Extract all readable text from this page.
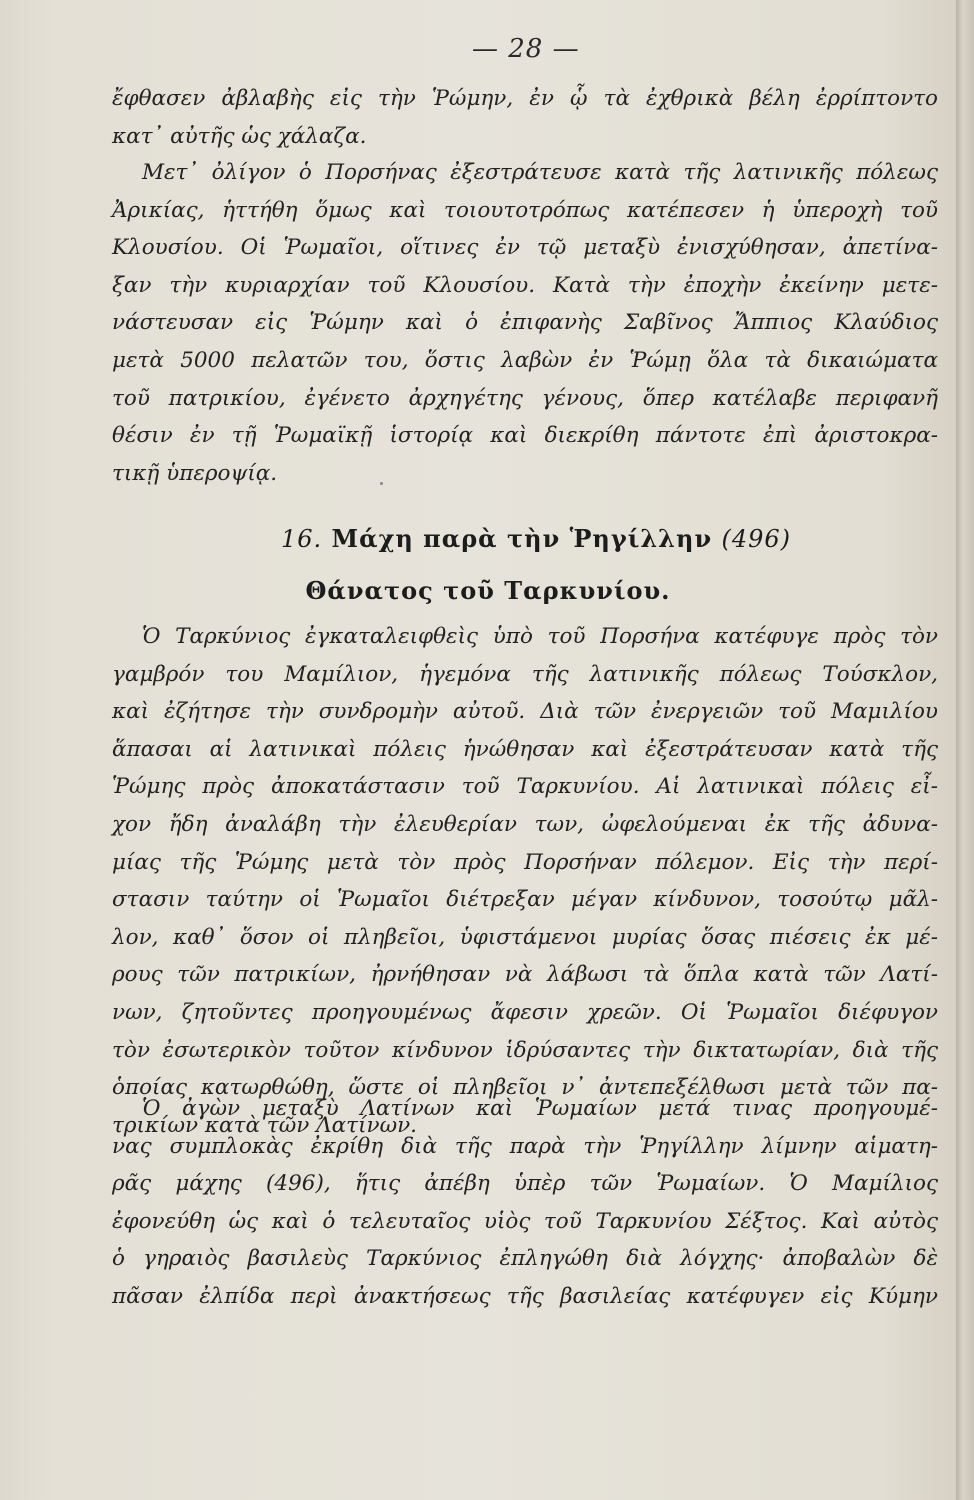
— 28 —
ἔφθασεν ἀβλαβὴς εἰς τὴν Ῥώμην, ἐν ᾧ τὰ ἐχθρικὰ βέλη ἐρρίπτοντο
κατ᾽ αὐτῆς ὡς χάλαζα.
Μετ᾽ ὀλίγον ὁ Πορσήνας ἐξεστράτευσε κατὰ τῆς λατινικῆς πόλεως
Ἀρικίας, ἡττήθη ὅμως καὶ τοιουτοτρόπως κατέπεσεν ἡ ὑπεροχὴ τοῦ
Κλουσίου. Οἱ Ῥωμαῖοι, οἵτινες ἐν τῷ μεταξὺ ἐνισχύθησαν, ἀπετίνα-
ξαν τὴν κυριαρχίαν τοῦ Κλουσίου. Κατὰ τὴν ἐποχὴν ἐκείνην μετε-
νάστευσαν εἰς Ῥώμην καὶ ὁ ἐπιφανὴς Σαβῖνος Ἄππιος Κλαύδιος
μετὰ 5000 πελατῶν του, ὅστις λαβὼν ἐν Ῥώμῃ ὅλα τὰ δικαιώματα
τοῦ πατρικίου, ἐγένετο ἀρχηγέτης γένους, ὅπερ κατέλαβε περιφανῆ
θέσιν ἐν τῇ Ῥωμαϊκῇ ἱστορίᾳ καὶ διεκρίθη πάντοτε ἐπὶ ἀριστοκρα-
τικῇ ὑπεροψίᾳ.
16. Μάχη παρὰ τὴν Ῥηγίλλην (496)
Θάνατος τοῦ Ταρκυνίου.
Ὁ Ταρκύνιος ἐγκαταλειφθεὶς ὑπὸ τοῦ Πορσήνα κατέφυγε πρὸς τὸν
γαμβρόν του Μαμίλιον, ἡγεμόνα τῆς λατινικῆς πόλεως Τούσκλον,
καὶ ἐζήτησε τὴν συνδρομὴν αὐτοῦ. Διὰ τῶν ἐνεργειῶν τοῦ Μαμιλίου
ἅπασαι αἱ λατινικαὶ πόλεις ἡνώθησαν καὶ ἐξεστράτευσαν κατὰ τῆς
Ῥώμης πρὸς ἀποκατάστασιν τοῦ Ταρκυνίου. Αἱ λατινικαὶ πόλεις εἶ-
χον ἤδη ἀναλάβη τὴν ἐλευθερίαν των, ὠφελούμεναι ἐκ τῆς ἀδυνα-
μίας τῆς Ῥώμης μετὰ τὸν πρὸς Πορσήναν πόλεμον. Εἰς τὴν περί-
στασιν ταύτην οἱ Ῥωμαῖοι διέτρεξαν μέγαν κίνδυνον, τοσούτῳ μᾶλ-
λον, καθ᾽ ὅσον οἱ πληβεῖοι, ὑφιστάμενοι μυρίας ὅσας πιέσεις ἐκ μέ-
ρους τῶν πατρικίων, ἠρνήθησαν νὰ λάβωσι τὰ ὅπλα κατὰ τῶν Λατί-
νων, ζητοῦντες προηγουμένως ἄφεσιν χρεῶν. Οἱ Ῥωμαῖοι διέφυγον
τὸν ἐσωτερικὸν τοῦτον κίνδυνον ἱδρύσαντες τὴν δικτατωρίαν, διὰ τῆς
ὁποίας κατωρθώθη, ὥστε οἱ πληβεῖοι ν᾽ ἀντεπεξέλθωσι μετὰ τῶν πα-
τρικίων κατὰ τῶν Λατίνων.
Ὁ ἀγὼν μεταξὺ Λατίνων καὶ Ῥωμαίων μετά τινας προηγουμέ-
νας συμπλοκὰς ἐκρίθη διὰ τῆς παρὰ τὴν Ῥηγίλλην λίμνην αἱματη-
ρᾶς μάχης (496), ἥτις ἀπέβη ὑπὲρ τῶν Ῥωμαίων. Ὁ Μαμίλιος
ἐφονεύθη ὡς καὶ ὁ τελευταῖος υἱὸς τοῦ Ταρκυνίου Σέξτος. Καὶ αὐτὸς
ὁ γηραιὸς βασιλεὺς Ταρκύνιος ἐπληγώθη διὰ λόγχης· ἀποβαλὼν δὲ
πᾶσαν ἐλπίδα περὶ ἀνακτήσεως τῆς βασιλείας κατέφυγεν εἰς Κύμην
